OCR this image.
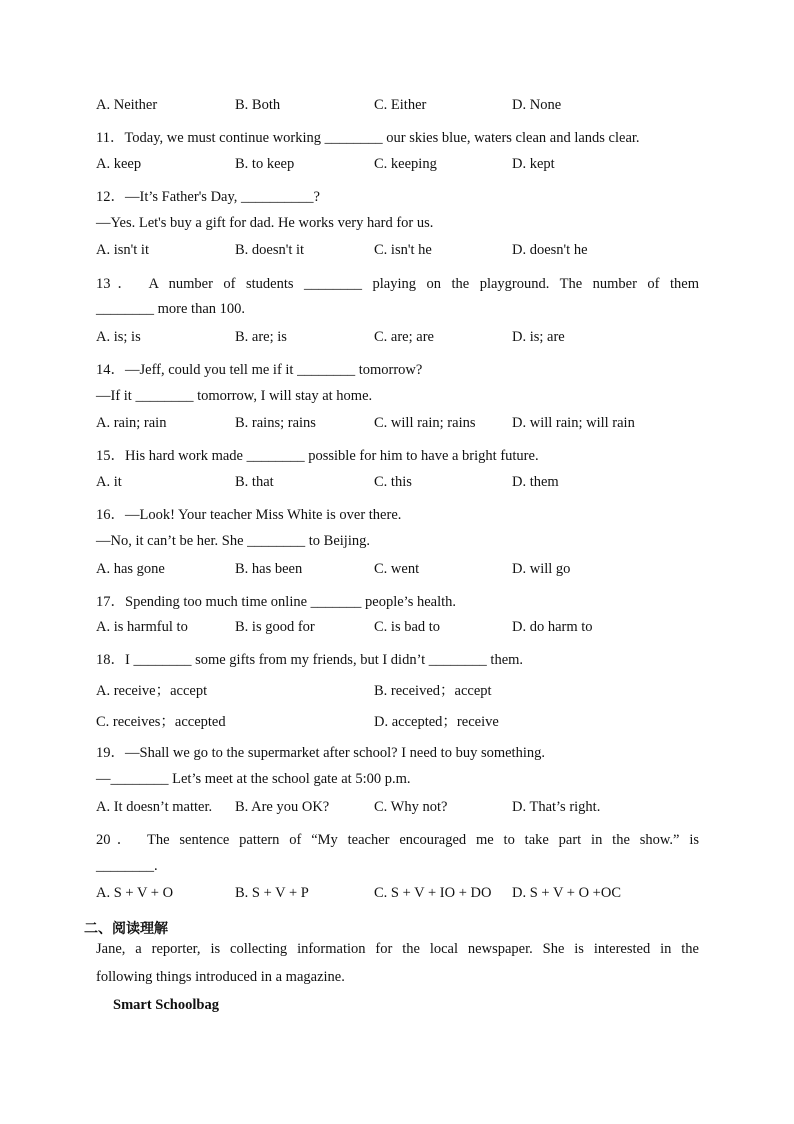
A. Neither	B. Both	C. Either	D. None
11．Today, we must continue working ________ our skies blue, waters clean and lands clear.
A. keep	B. to keep	C. keeping	D. kept
12．—It’s Father's Day, __________?
—Yes. Let's buy a gift for dad. He works very hard for us.
A. isn't it	B. doesn't it	C. isn't he	D. doesn't he
13． A number of students ________ playing on the playground. The number of them
________ more than 100.
A. is; is	B. are; is	C. are; are	D. is; are
14．—Jeff, could you tell me if it ________ tomorrow?
—If it ________ tomorrow, I will stay at home.
A. rain; rain	B. rains; rains	C. will rain; rains	D. will rain; will rain
15．His hard work made ________ possible for him to have a bright future.
A. it	B. that	C. this	D. them
16．—Look! Your teacher Miss White is over there.
—No, it can’t be her. She ________ to Beijing.
A. has gone	B. has been	C. went	D. will go
17．Spending too much time online _______ people’s health.
A. is harmful to	B. is good for	C. is bad to	D. do harm to
18．I ________ some gifts from my friends, but I didn’t ________ them.
A. receive；accept	B. received；accept
C. receives；accepted	D. accepted；receive
19．—Shall we go to the supermarket after school? I need to buy something.
—________ Let’s meet at the school gate at 5:00 p.m.
A. It doesn’t matter. B. Are you OK?	C. Why not?	D. That’s right.
20． The sentence pattern of “My teacher encouraged me to take part in the show.” is
________.
A. S + V + O	B. S + V + P	C. S + V + IO + DO D. S + V + O +OC
二、阅读理解
Jane, a reporter, is collecting information for the local newspaper. She is interested in the
following things introduced in a magazine.
Smart Schoolbag
